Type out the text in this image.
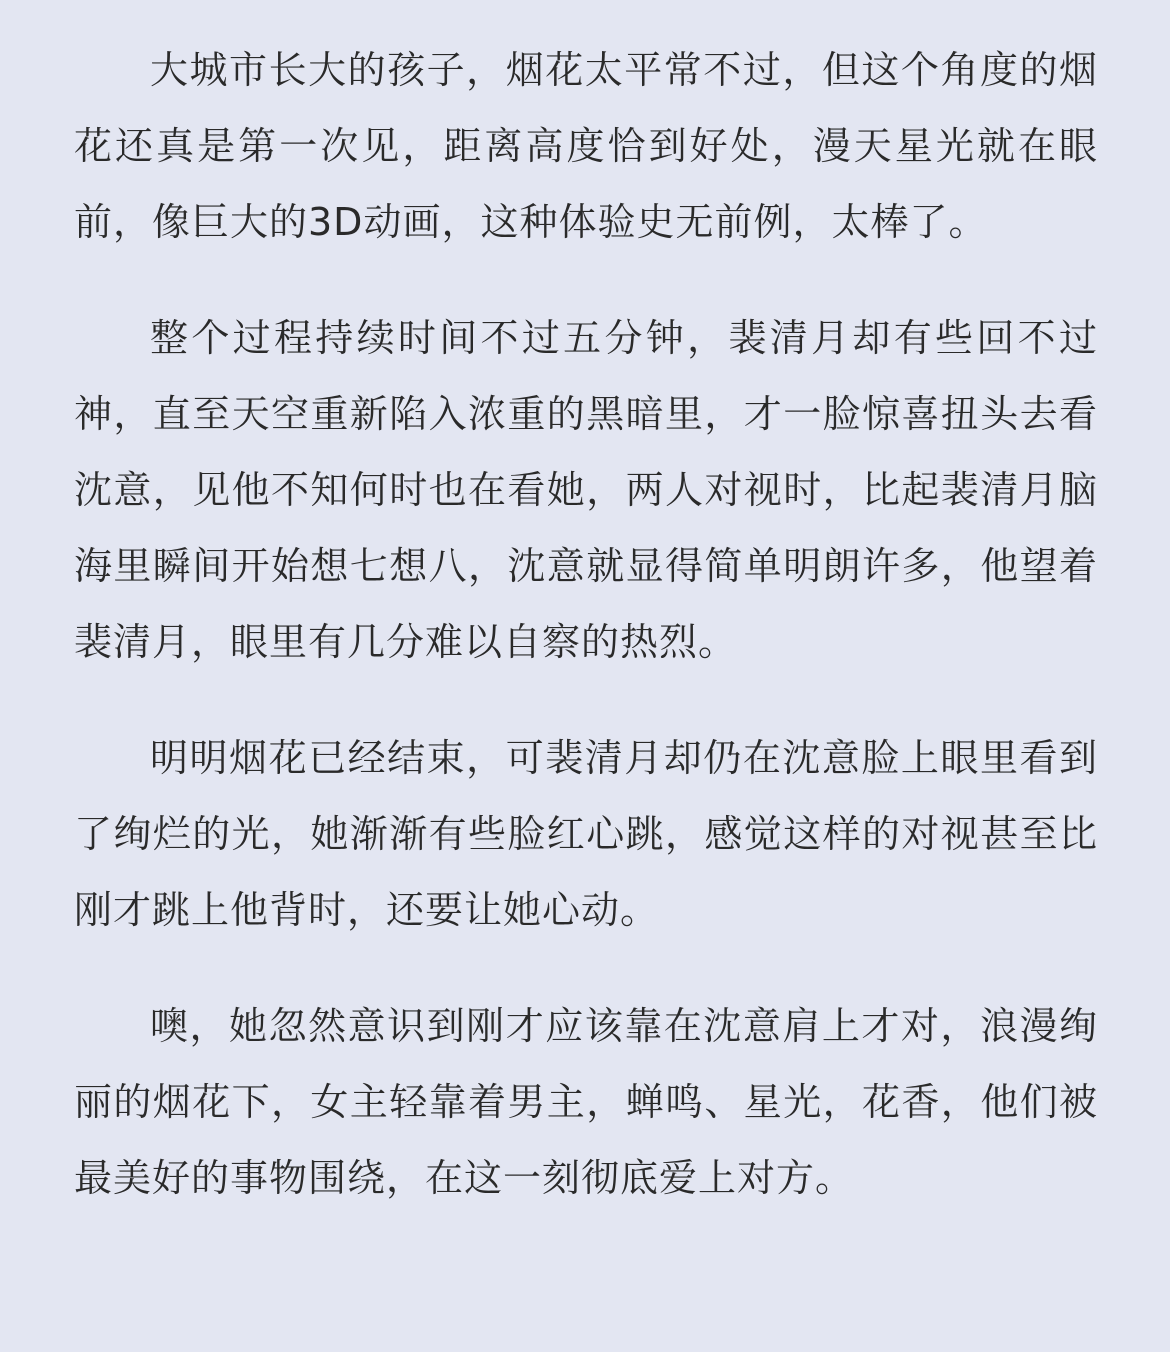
大城市长大的孩子，烟花太平常不过，但这个角度的烟花还真是第一次见，距离高度恰到好处，漫天星光就在眼前，像巨大的3D动画，这种体验史无前例，太棒了。

整个过程持续时间不过五分钟，裴清月却有些回不过神，直至天空重新陷入浓重的黑暗里，才一脸惊喜扭头去看沈意，见他不知何时也在看她，两人对视时，比起裴清月脑海里瞬间开始想七想八，沈意就显得简单明朗许多，他望着裴清月，眼里有几分难以自察的热烈。

明明烟花已经结束，可裴清月却仍在沈意脸上眼里看到了绚烂的光，她渐渐有些脸红心跳，感觉这样的对视甚至比刚才跳上他背时，还要让她心动。

噢，她忽然意识到刚才应该靠在沈意肩上才对，浪漫绚丽的烟花下，女主轻靠着男主，蝉鸣、星光，花香，他们被最美好的事物围绕，在这一刻彻底爱上对方。
